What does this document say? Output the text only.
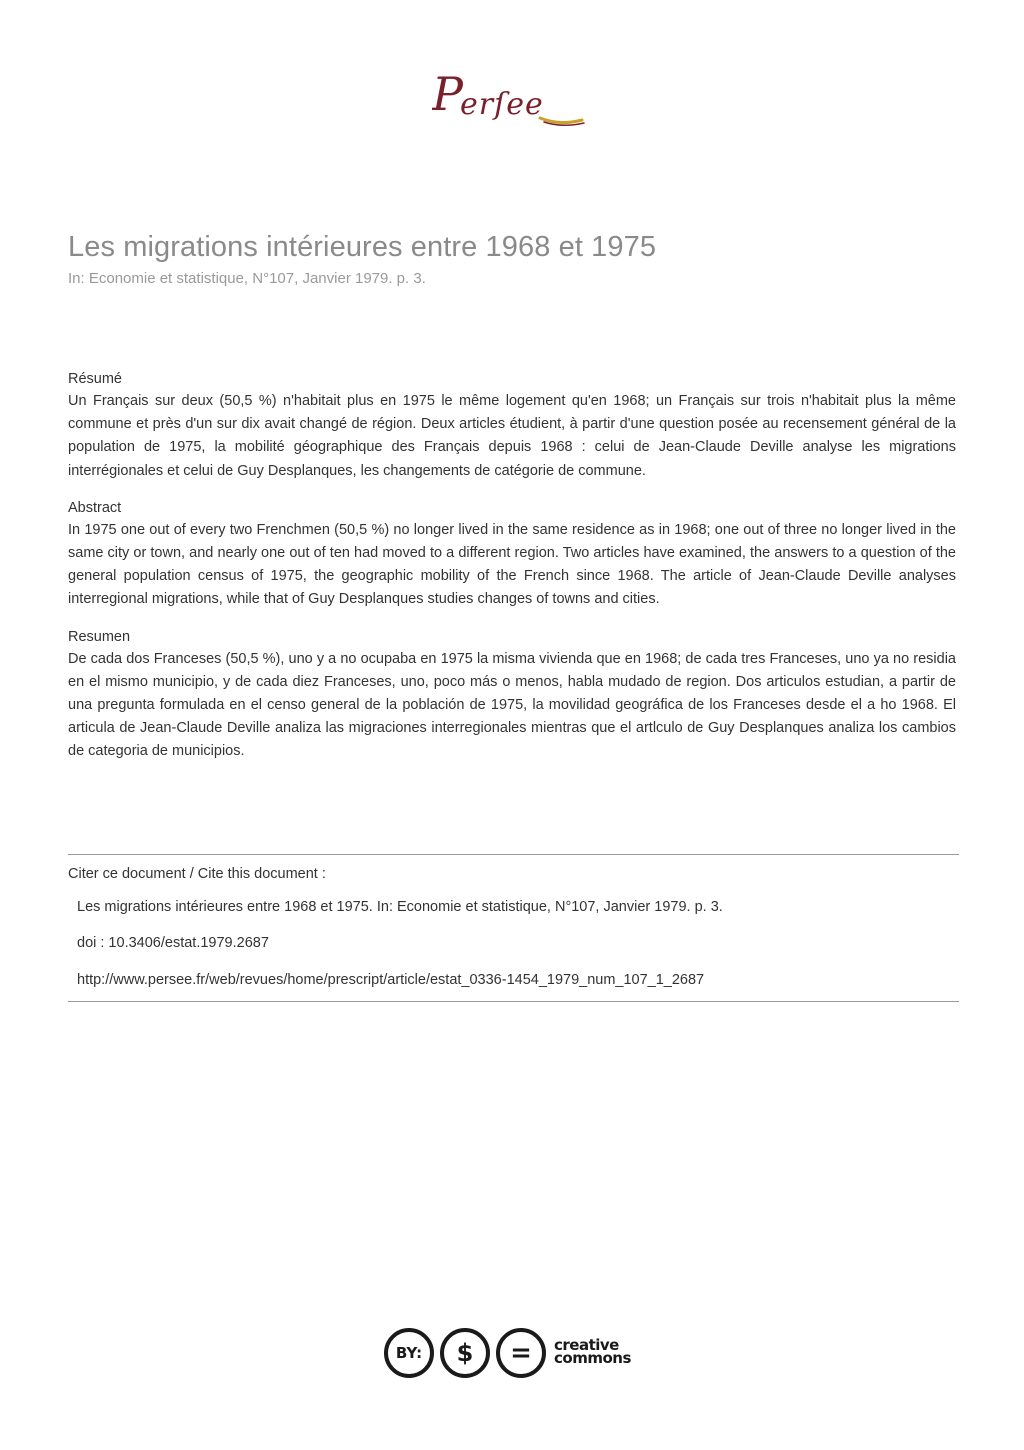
P
erſee
Les migrations intérieures entre 1968 et 1975
In: Economie et statistique, N°107, Janvier 1979. p. 3.

Résumé

Un Français sur deux (50,5 %) n'habitait plus en 1975 le même logement qu'en 1968; un Français sur trois n'habitait plus la même commune et près d'un sur dix avait changé de région. Deux articles étudient, à partir d'une question posée au recensement général de la population de 1975, la mobilité géographique des Français depuis 1968 : celui de Jean-Claude Deville analyse les migrations interrégionales et celui de Guy Desplanques, les changements de catégorie de commune.

Abstract

In 1975 one out of every two Frenchmen (50,5 %) no longer lived in the same residence as in 1968; one out of three no longer lived in the same city or town, and nearly one out of ten had moved to a different region. Two articles have examined, the answers to a question of the general population census of 1975, the geographic mobility of the French since 1968. The article of Jean-Claude Deville analyses interregional migrations, while that of Guy Desplanques studies changes of towns and cities.

Resumen

De cada dos Franceses (50,5 %), uno y a no ocupaba en 1975 la misma vivienda que en 1968; de cada tres Franceses, uno ya no residia en el mismo municipio, y de cada diez Franceses, uno, poco más o menos, habla mudado de region. Dos articulos estudian, a partir de una pregunta formulada en el censo general de la población de 1975, la movilidad geográfica de los Franceses desde el a ho 1968. El articula de Jean-Claude Deville analiza las migraciones interregionales mientras que el artlculo de Guy Desplanques analiza los cambios de categoria de municipios.

Citer ce document / Cite this document :
Les migrations intérieures entre 1968 et 1975. In: Economie et statistique, N°107, Janvier 1979. p. 3.
doi : 10.3406/estat.1979.2687
http://www.persee.fr/web/revues/home/prescript/article/estat_0336-1454_1979_num_107_1_2687
BY:	$	=	creative
commons
